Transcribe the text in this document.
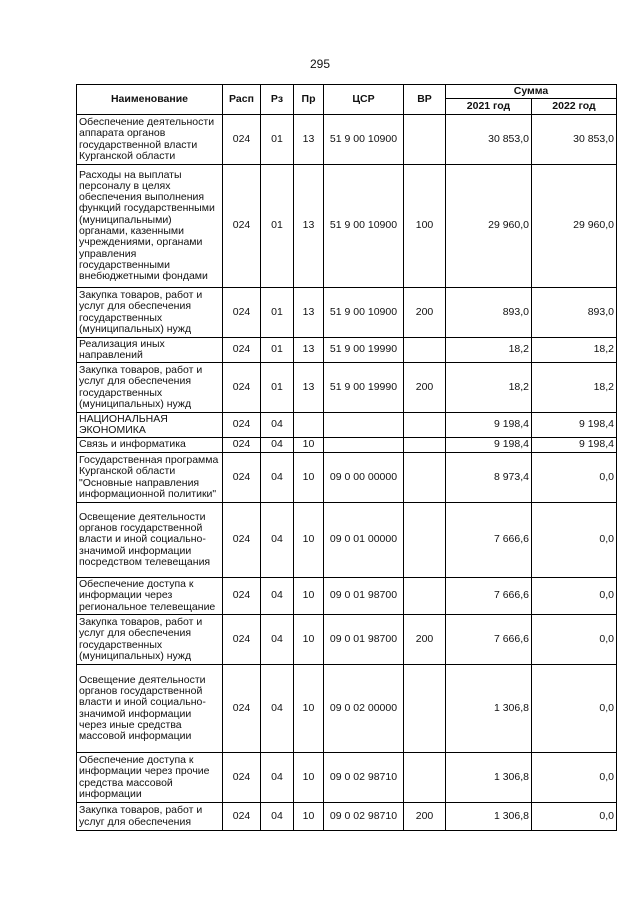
295
Наименование	Расп	Рз	Пр	ЦСР	ВР	Сумма	
						2021 год	2022 год
Обеспечение деятельности аппарата органов государственной власти Курганской области	024	01	13	51 9 00 10900		30 853,0	30 853,0
Расходы на выплаты персоналу в целях обеспечения выполнения функций государственными (муниципальными) органами, казенными учреждениями, органами управления государственными внебюджетными фондами	024	01	13	51 9 00 10900	100	29 960,0	29 960,0
Закупка товаров, работ и услуг для обеспечения государственных (муниципальных) нужд	024	01	13	51 9 00 10900	200	893,0	893,0
Реализация иных направлений	024	01	13	51 9 00 19990		18,2	18,2
Закупка товаров, работ и услуг для обеспечения государственных (муниципальных) нужд	024	01	13	51 9 00 19990	200	18,2	18,2
НАЦИОНАЛЬНАЯ ЭКОНОМИКА	024	04				9 198,4	9 198,4
Связь и информатика	024	04	10			9 198,4	9 198,4
Государственная программа Курганской области "Основные направления информационной политики"	024	04	10	09 0 00 00000		8 973,4	0,0
Освещение деятельности органов государственной власти и иной социально-значимой информации посредством телевещания	024	04	10	09 0 01 00000		7 666,6	0,0
Обеспечение доступа к информации через региональное телевещание	024	04	10	09 0 01 98700		7 666,6	0,0
Закупка товаров, работ и услуг для обеспечения государственных (муниципальных) нужд	024	04	10	09 0 01 98700	200	7 666,6	0,0
Освещение деятельности органов государственной власти и иной социально-значимой информации через иные средства массовой информации	024	04	10	09 0 02 00000		1 306,8	0,0
Обеспечение доступа к информации через прочие средства массовой информации	024	04	10	09 0 02 98710		1 306,8	0,0
Закупка товаров, работ и услуг для обеспечения	024	04	10	09 0 02 98710	200	1 306,8	0,0
